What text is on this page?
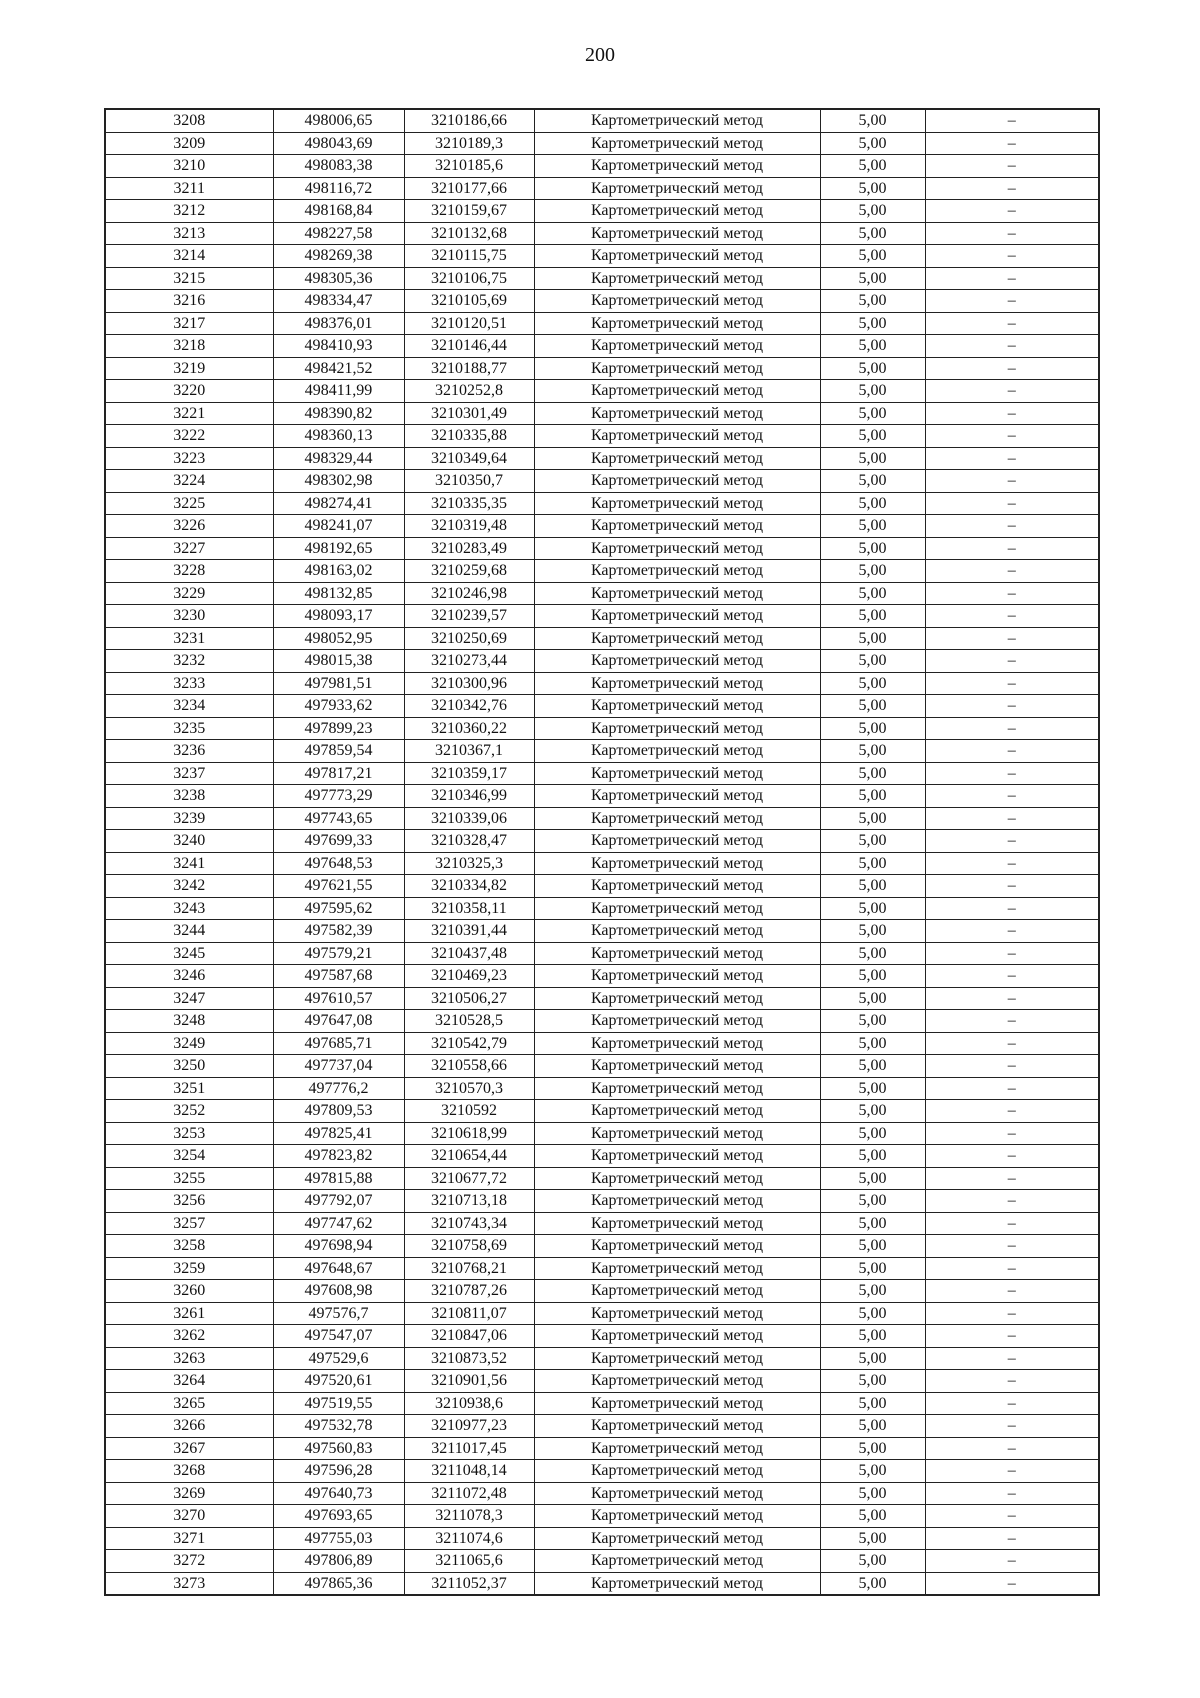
200
3208	498006,65	3210186,66	Картометрический метод	5,00	–
3209	498043,69	3210189,3	Картометрический метод	5,00	–
3210	498083,38	3210185,6	Картометрический метод	5,00	–
3211	498116,72	3210177,66	Картометрический метод	5,00	–
3212	498168,84	3210159,67	Картометрический метод	5,00	–
3213	498227,58	3210132,68	Картометрический метод	5,00	–
3214	498269,38	3210115,75	Картометрический метод	5,00	–
3215	498305,36	3210106,75	Картометрический метод	5,00	–
3216	498334,47	3210105,69	Картометрический метод	5,00	–
3217	498376,01	3210120,51	Картометрический метод	5,00	–
3218	498410,93	3210146,44	Картометрический метод	5,00	–
3219	498421,52	3210188,77	Картометрический метод	5,00	–
3220	498411,99	3210252,8	Картометрический метод	5,00	–
3221	498390,82	3210301,49	Картометрический метод	5,00	–
3222	498360,13	3210335,88	Картометрический метод	5,00	–
3223	498329,44	3210349,64	Картометрический метод	5,00	–
3224	498302,98	3210350,7	Картометрический метод	5,00	–
3225	498274,41	3210335,35	Картометрический метод	5,00	–
3226	498241,07	3210319,48	Картометрический метод	5,00	–
3227	498192,65	3210283,49	Картометрический метод	5,00	–
3228	498163,02	3210259,68	Картометрический метод	5,00	–
3229	498132,85	3210246,98	Картометрический метод	5,00	–
3230	498093,17	3210239,57	Картометрический метод	5,00	–
3231	498052,95	3210250,69	Картометрический метод	5,00	–
3232	498015,38	3210273,44	Картометрический метод	5,00	–
3233	497981,51	3210300,96	Картометрический метод	5,00	–
3234	497933,62	3210342,76	Картометрический метод	5,00	–
3235	497899,23	3210360,22	Картометрический метод	5,00	–
3236	497859,54	3210367,1	Картометрический метод	5,00	–
3237	497817,21	3210359,17	Картометрический метод	5,00	–
3238	497773,29	3210346,99	Картометрический метод	5,00	–
3239	497743,65	3210339,06	Картометрический метод	5,00	–
3240	497699,33	3210328,47	Картометрический метод	5,00	–
3241	497648,53	3210325,3	Картометрический метод	5,00	–
3242	497621,55	3210334,82	Картометрический метод	5,00	–
3243	497595,62	3210358,11	Картометрический метод	5,00	–
3244	497582,39	3210391,44	Картометрический метод	5,00	–
3245	497579,21	3210437,48	Картометрический метод	5,00	–
3246	497587,68	3210469,23	Картометрический метод	5,00	–
3247	497610,57	3210506,27	Картометрический метод	5,00	–
3248	497647,08	3210528,5	Картометрический метод	5,00	–
3249	497685,71	3210542,79	Картометрический метод	5,00	–
3250	497737,04	3210558,66	Картометрический метод	5,00	–
3251	497776,2	3210570,3	Картометрический метод	5,00	–
3252	497809,53	3210592	Картометрический метод	5,00	–
3253	497825,41	3210618,99	Картометрический метод	5,00	–
3254	497823,82	3210654,44	Картометрический метод	5,00	–
3255	497815,88	3210677,72	Картометрический метод	5,00	–
3256	497792,07	3210713,18	Картометрический метод	5,00	–
3257	497747,62	3210743,34	Картометрический метод	5,00	–
3258	497698,94	3210758,69	Картометрический метод	5,00	–
3259	497648,67	3210768,21	Картометрический метод	5,00	–
3260	497608,98	3210787,26	Картометрический метод	5,00	–
3261	497576,7	3210811,07	Картометрический метод	5,00	–
3262	497547,07	3210847,06	Картометрический метод	5,00	–
3263	497529,6	3210873,52	Картометрический метод	5,00	–
3264	497520,61	3210901,56	Картометрический метод	5,00	–
3265	497519,55	3210938,6	Картометрический метод	5,00	–
3266	497532,78	3210977,23	Картометрический метод	5,00	–
3267	497560,83	3211017,45	Картометрический метод	5,00	–
3268	497596,28	3211048,14	Картометрический метод	5,00	–
3269	497640,73	3211072,48	Картометрический метод	5,00	–
3270	497693,65	3211078,3	Картометрический метод	5,00	–
3271	497755,03	3211074,6	Картометрический метод	5,00	–
3272	497806,89	3211065,6	Картометрический метод	5,00	–
3273	497865,36	3211052,37	Картометрический метод	5,00	–
